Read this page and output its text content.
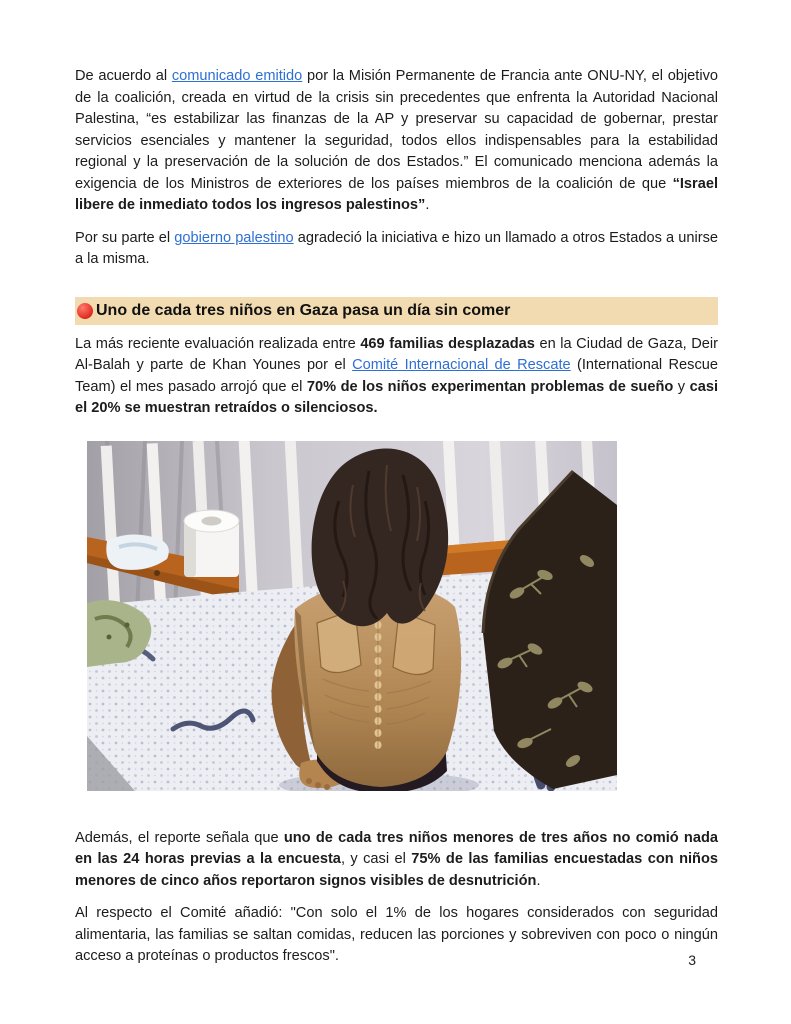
De acuerdo al comunicado emitido por la Misión Permanente de Francia ante ONU-NY, el objetivo de la coalición, creada en virtud de la crisis sin precedentes que enfrenta la Autoridad Nacional Palestina, “es estabilizar las finanzas de la AP y preservar su capacidad de gobernar, prestar servicios esenciales y mantener la seguridad, todos ellos indispensables para la estabilidad regional y la preservación de la solución de dos Estados.” El comunicado menciona además la exigencia de los Ministros de exteriores de los países miembros de la coalición de que “Israel libere de inmediato todos los ingresos palestinos”.

Por su parte el gobierno palestino agradeció la iniciativa e hizo un llamado a otros Estados a unirse a la misma.

Uno de cada tres niños en Gaza pasa un día sin comer

La más reciente evaluación realizada entre 469 familias desplazadas en la Ciudad de Gaza, Deir Al-Balah y parte de Khan Younes por el Comité Internacional de Rescate (International Rescue Team) el mes pasado arrojó que el 70% de los niños experimentan problemas de sueño y casi el 20% se muestran retraídos o silenciosos.

Además, el reporte señala que uno de cada tres niños menores de tres años no comió nada en las 24 horas previas a la encuesta, y casi el 75% de las familias encuestadas con niños menores de cinco años reportaron signos visibles de desnutrición.

Al respecto el Comité añadió: "Con solo el 1% de los hogares considerados con seguridad alimentaria, las familias se saltan comidas, reducen las porciones y sobreviven con poco o ningún acceso a proteínas o productos frescos".	3
